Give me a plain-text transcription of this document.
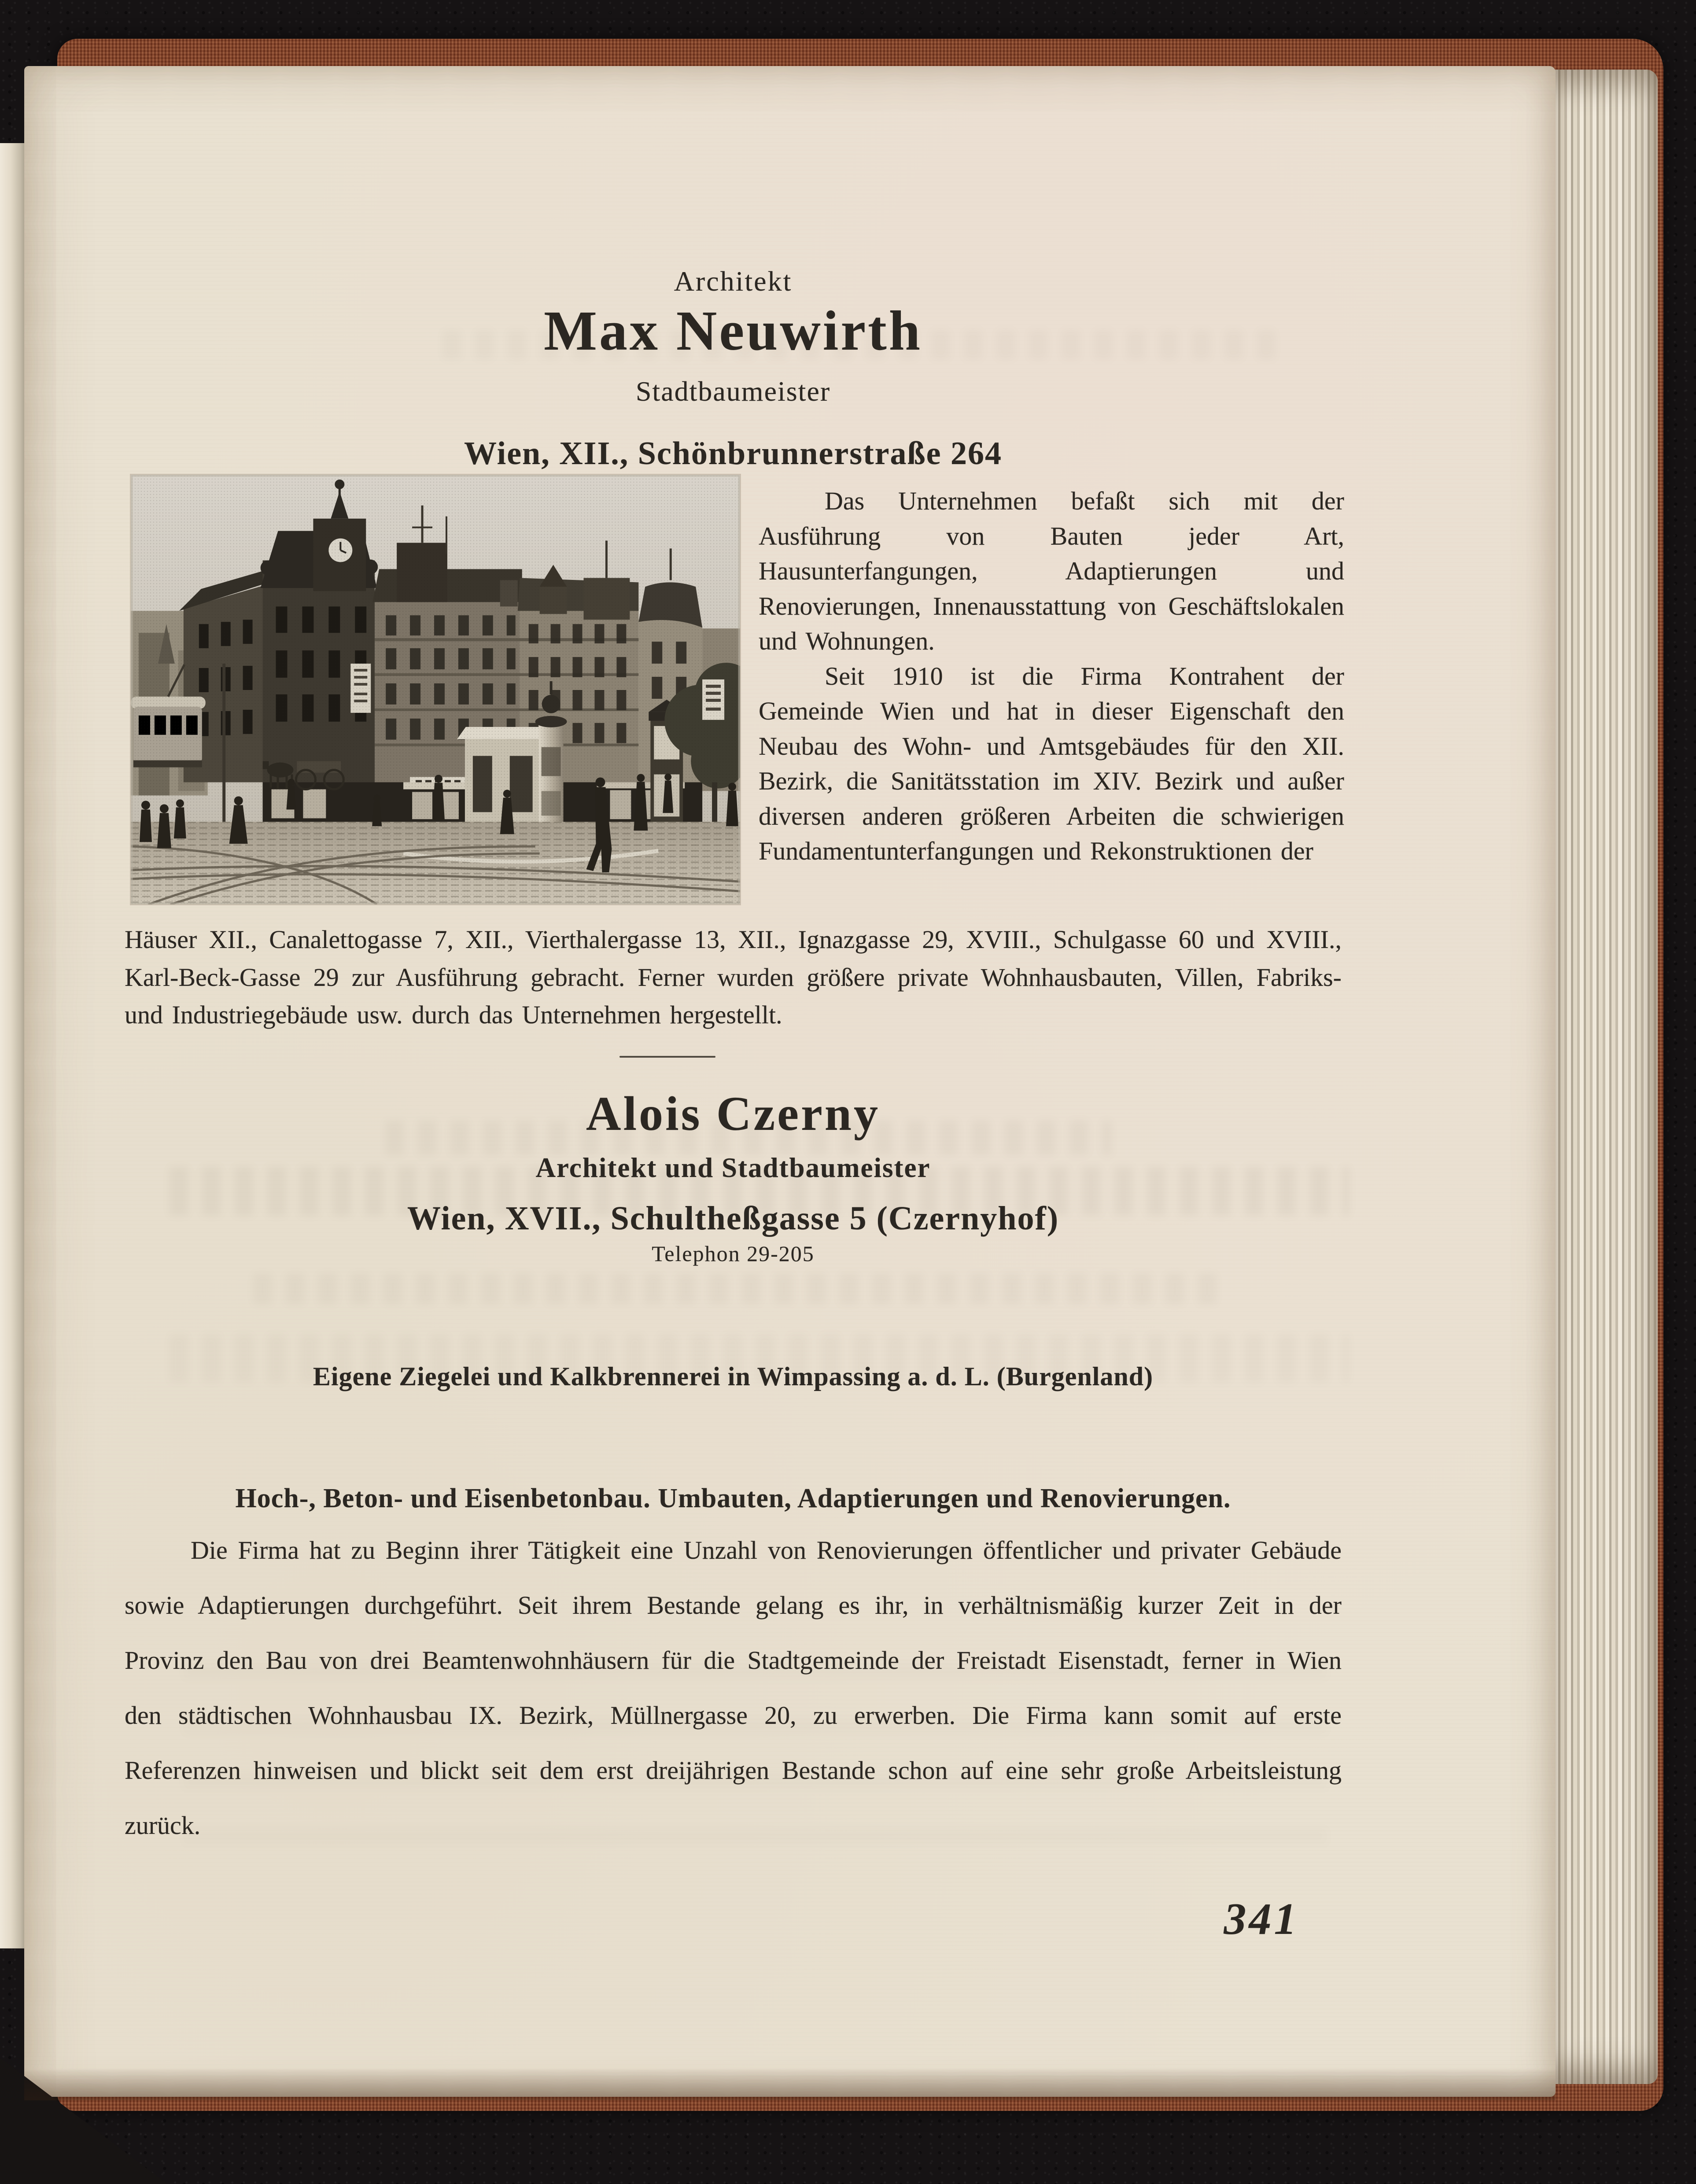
Architekt
Max Neuwirth
Stadtbaumeister
Wien, XII., Schönbrunnerstraße 264

Das Unternehmen befaßt sich mit der Ausführung von Bauten jeder Art, Hausunterfangungen, Adaptierungen und Renovierungen, Innenausstattung von Geschäftslokalen und Wohnungen.

Seit 1910 ist die Firma Kontrahent der Gemeinde Wien und hat in dieser Eigenschaft den Neubau des Wohn- und Amtsgebäudes für den XII. Bezirk, die Sanitätsstation im XIV. Bezirk und außer diversen anderen größeren Arbeiten die schwierigen Fundamentunterfangungen und Rekonstruktionen der

Häuser XII., Canalettogasse 7, XII., Vierthalergasse 13, XII., Ignazgasse 29, XVIII., Schulgasse 60 und XVIII., Karl-Beck-Gasse 29 zur Ausführung gebracht. Ferner wurden größere private Wohnhausbauten, Villen, Fabriks- und Industriegebäude usw. durch das Unternehmen hergestellt.
Alois Czerny
Architekt und Stadtbaumeister
Wien, XVII., Schultheßgasse 5 (Czernyhof)
Telephon 29-205
Eigene Ziegelei und Kalkbrennerei in Wimpassing a. d. L. (Burgenland)
Hoch-, Beton- und Eisenbetonbau. Umbauten, Adaptierungen und Renovierungen.

Die Firma hat zu Beginn ihrer Tätigkeit eine Unzahl von Renovierungen öffentlicher und privater Gebäude sowie Adaptierungen durchgeführt. Seit ihrem Bestande gelang es ihr, in verhältnismäßig kurzer Zeit in der Provinz den Bau von drei Beamtenwohnhäusern für die Stadtgemeinde der Freistadt Eisenstadt, ferner in Wien den städtischen Wohnhausbau IX. Bezirk, Müllnergasse 20, zu erwerben. Die Firma kann somit auf erste Referenzen hinweisen und blickt seit dem erst dreijährigen Bestande schon auf eine sehr große Arbeitsleistung zurück.

341
